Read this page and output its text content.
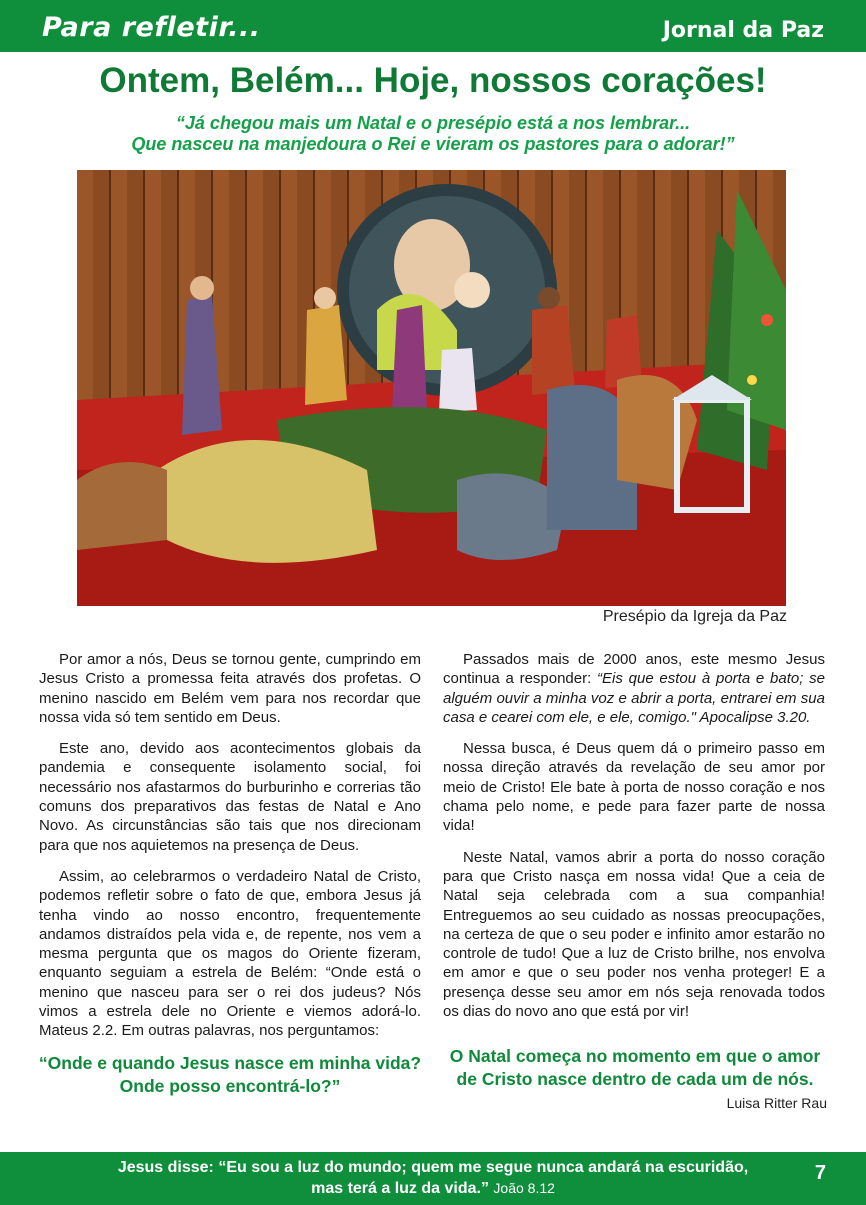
Para refletir...	Jornal da Paz
Ontem, Belém... Hoje, nossos corações!
“Já chegou mais um Natal e o presépio está a nos lembrar...
Que nasceu na manjedoura o Rei e vieram os pastores para o adorar!”
Presépio da Igreja da Paz

Por amor a nós, Deus se tornou gente, cumprindo em Jesus Cristo a promessa feita através dos profetas. O menino nascido em Belém vem para nos recordar que nossa vida só tem sentido em Deus.

Este ano, devido aos acontecimentos globais da pandemia e consequente isolamento social, foi necessário nos afastarmos do burburinho e correrias tão comuns dos preparativos das festas de Natal e Ano Novo. As circunstâncias são tais que nos direcionam para que nos aquietemos na presença de Deus.

Assim, ao celebrarmos o verdadeiro Natal de Cristo, podemos refletir sobre o fato de que, embora Jesus já tenha vindo ao nosso encontro, frequentemente andamos distraídos pela vida e, de repente, nos vem a mesma pergunta que os magos do Oriente fizeram, enquanto seguiam a estrela de Belém: “Onde está o menino que nasceu para ser o rei dos judeus? Nós vimos a estrela dele no Oriente e viemos adorá-lo. Mateus 2.2. Em outras palavras, nos perguntamos:

“Onde e quando Jesus nasce em minha vida?
Onde posso encontrá-lo?”

Passados mais de 2000 anos, este mesmo Jesus continua a responder: “Eis que estou à porta e bato; se alguém ouvir a minha voz e abrir a porta, entrarei em sua casa e cearei com ele, e ele, comigo." Apocalipse 3.20.

Nessa busca, é Deus quem dá o primeiro passo em nossa direção através da revelação de seu amor por meio de Cristo! Ele bate à porta de nosso coração e nos chama pelo nome, e pede para fazer parte de nossa vida!

Neste Natal, vamos abrir a porta do nosso coração para que Cristo nasça em nossa vida! Que a ceia de Natal seja celebrada com a sua companhia! Entreguemos ao seu cuidado as nossas preocupações, na certeza de que o seu poder e infinito amor estarão no controle de tudo! Que a luz de Cristo brilhe, nos envolva em amor e que o seu poder nos venha proteger! E a presença desse seu amor em nós seja renovada todos os dias do novo ano que está por vir!

O Natal começa no momento em que o amor
de Cristo nasce dentro de cada um de nós.
Luisa Ritter Rau
Jesus disse: “Eu sou a luz do mundo; quem me segue nunca andará na escuridão,
mas terá a luz da vida.” João 8.12
7
